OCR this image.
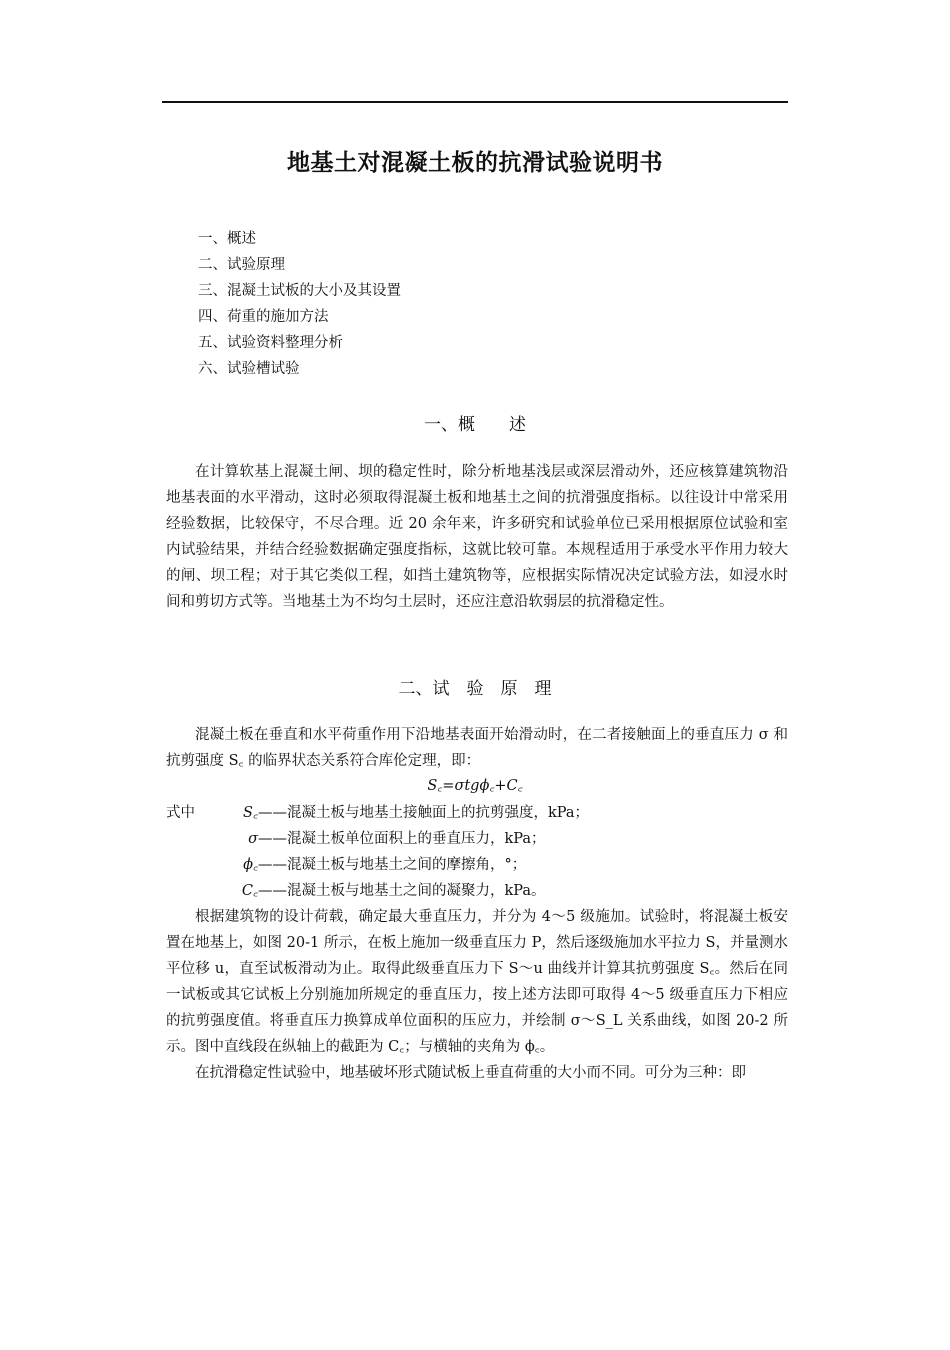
地基土对混凝土板的抗滑试验说明书
一、概述
二、试验原理
三、混凝土试板的大小及其设置
四、荷重的施加方法
五、试验资料整理分析
六、试验槽试验
一、概　　述

在计算软基上混凝土闸、坝的稳定性时，除分析地基浅层或深层滑动外，还应核算建筑物沿地基表面的水平滑动，这时必须取得混凝土板和地基土之间的抗滑强度指标。以往设计中常采用经验数据，比较保守，不尽合理。近 20 余年来，许多研究和试验单位已采用根据原位试验和室内试验结果，并结合经验数据确定强度指标，这就比较可靠。本规程适用于承受水平作用力较大的闸、坝工程；对于其它类似工程，如挡土建筑物等，应根据实际情况决定试验方法，如浸水时间和剪切方式等。当地基土为不均匀土层时，还应注意沿软弱层的抗滑稳定性。

二、试　验　原　理

混凝土板在垂直和水平荷重作用下沿地基表面开始滑动时，在二者接触面上的垂直压力 σ 和抗剪强度 S꜀ 的临界状态关系符合库伦定理，即：

S꜀=σtgϕ꜀+C꜀
式中	S꜀——混凝土板与地基土接触面上的抗剪强度，kPa；
σ——混凝土板单位面积上的垂直压力，kPa；
ϕ꜀——混凝土板与地基土之间的摩擦角，°；
C꜀——混凝土板与地基土之间的凝聚力，kPa。

根据建筑物的设计荷载，确定最大垂直压力，并分为 4～5 级施加。试验时，将混凝土板安置在地基上，如图 20-1 所示，在板上施加一级垂直压力 P，然后逐级施加水平拉力 S，并量测水平位移 u，直至试板滑动为止。取得此级垂直压力下 S～u 曲线并计算其抗剪强度 S꜀。然后在同一试板或其它试板上分别施加所规定的垂直压力，按上述方法即可取得 4～5 级垂直压力下相应的抗剪强度值。将垂直压力换算成单位面积的压应力，并绘制 σ～S_L 关系曲线，如图 20-2 所示。图中直线段在纵轴上的截距为 C꜀；与横轴的夹角为 ϕ꜀。

在抗滑稳定性试验中，地基破坏形式随试板上垂直荷重的大小而不同。可分为三种：即
